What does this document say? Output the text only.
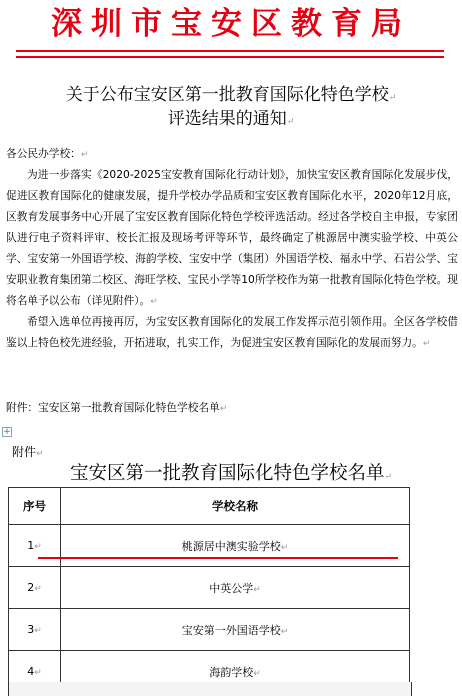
深圳市宝安区教育局
关于公布宝安区第一批教育国际化特色学校↵
评选结果的通知↵

各公民办学校：↵

为进一步落实《2020-2025宝安教育国际化行动计划》，加快宝安区教育国际化发展步伐，促进区教育国际化的健康发展，提升学校办学品质和宝安区教育国际化水平，2020年12月底，区教育发展事务中心开展了宝安区教育国际化特色学校评选活动。经过各学校自主申报，专家团队进行电子资料评审、校长汇报及现场考评等环节，最终确定了桃源居中澳实验学校、中英公学、宝安第一外国语学校、海韵学校、宝安中学（集团）外国语学校、福永中学、石岩公学、宝安职业教育集团第二校区、海旺学校、宝民小学等10所学校作为第一批教育国际化特色学校。现将名单予以公布（详见附件）。↵

希望入选单位再接再厉，为宝安区教育国际化的发展工作发挥示范引领作用。全区各学校借鉴以上特色校先进经验，开拓进取，扎实工作，为促进宝安区教育国际化的发展而努力。↵

附件：宝安区第一批教育国际化特色学校名单↵

+
附件↵
宝安区第一批教育国际化特色学校名单↵
序号	学校名称
1↵	桃源居中澳实验学校↵
2↵	中英公学↵
3↵	宝安第一外国语学校↵
4↵	海韵学校↵
